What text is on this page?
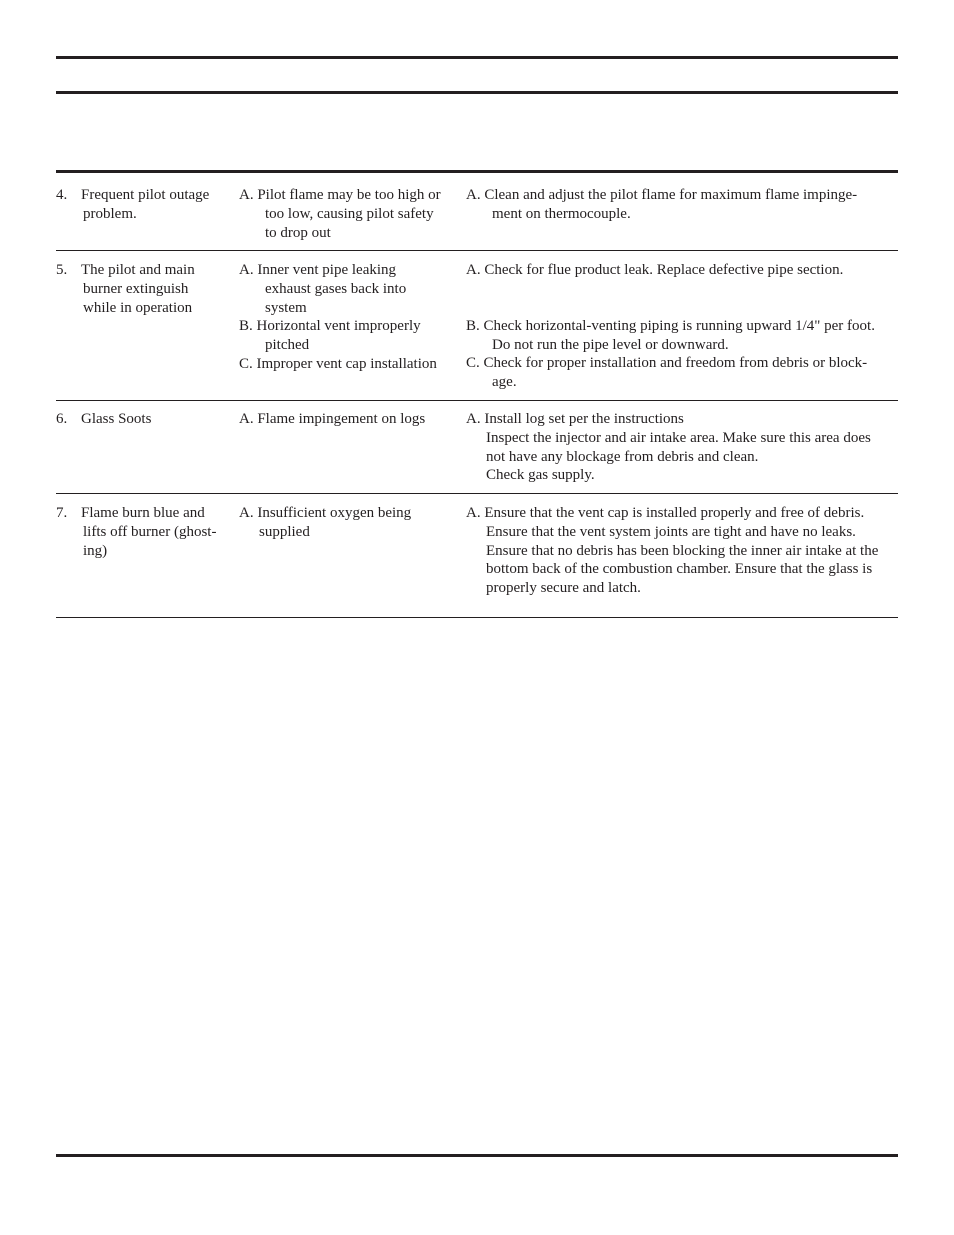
4. Frequent pilot outage
problem.
A. Pilot flame may be too high or
too low, causing pilot safety
to drop out
A. Clean and adjust the pilot flame for maximum flame impinge-
ment on thermocouple.
5. The pilot and main
burner extinguish
while in operation
A. Inner vent pipe leaking
exhaust gases back into
system
B. Horizontal vent improperly
pitched
C. Improper vent cap installation
A. Check for flue product leak. Replace defective pipe section.
B. Check horizontal-venting piping is running upward 1/4" per foot.
Do not run the pipe level or downward.
C. Check for proper installation and freedom from debris or block-
age.
6. Glass Soots	A. Flame impingement on logs	A. Install log set per the instructions
Inspect the injector and air intake area. Make sure this area does
not have any blockage from debris and clean.
Check gas supply.
7. Flame burn blue and
lifts off burner (ghost-
ing)
A. Insufficient oxygen being
supplied
A. Ensure that the vent cap is installed properly and free of debris.
Ensure that the vent system joints are tight and have no leaks.
Ensure that no debris has been blocking the inner air intake at the
bottom back of the combustion chamber. Ensure that the glass is
properly secure and latch.
